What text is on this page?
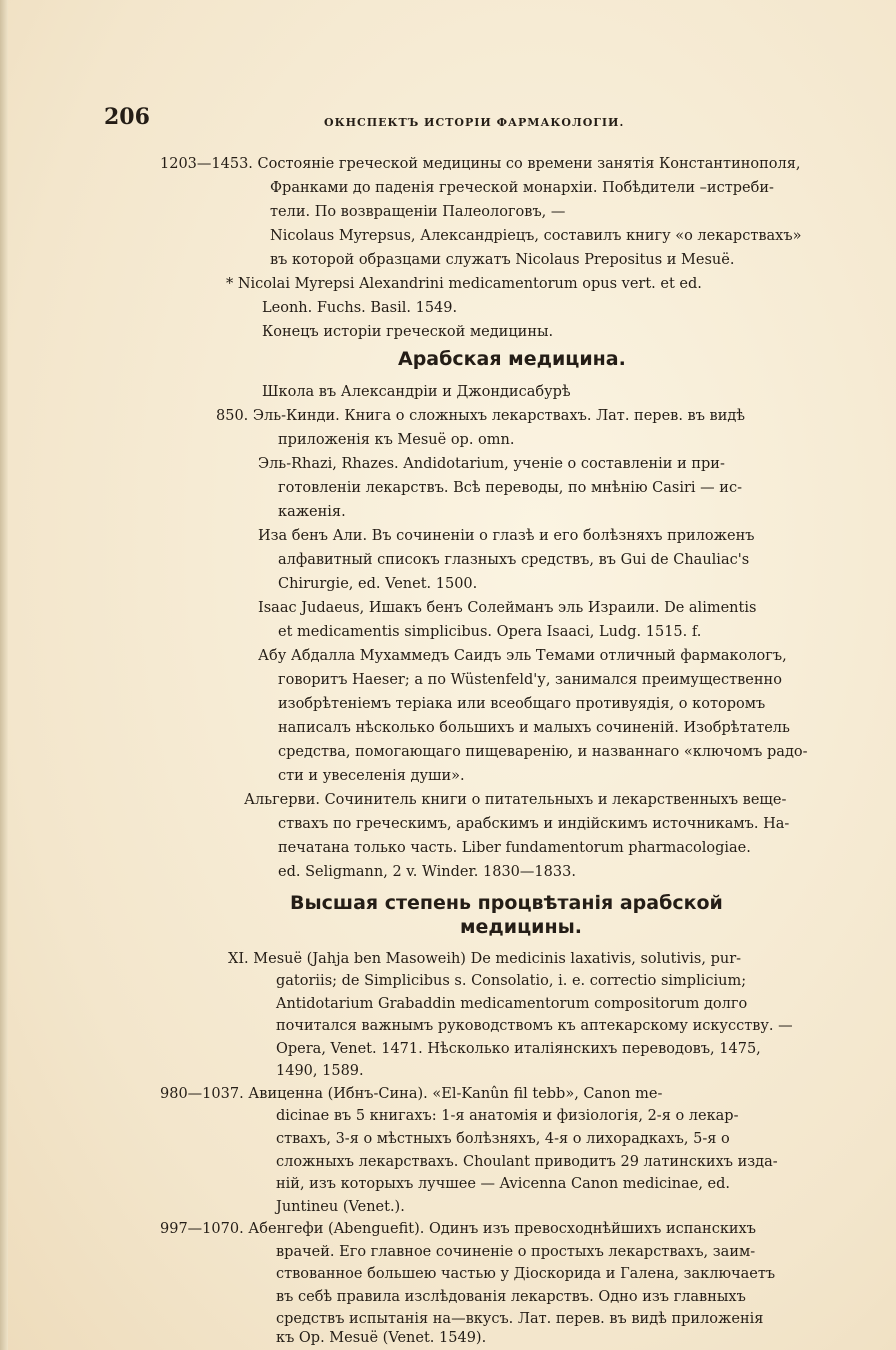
206	ОКНСПЕКТЪ ИСТОРІИ ФАРМАКОЛОГІИ.
1203—1453. Состояніе греческой медицины со времени занятія Константинополя,
Франками до паденія греческой монархіи. Побѣдители –истреби-
тели. По возвращеніи Палеологовъ, —
Nicolaus Myrepsus, Александріецъ, составилъ книгу «о лекарствахъ»
въ которой образцами служатъ Nicolaus Prepositus и Mesuë.
* Nicolai Myrepsi Alexandrini medicamentorum opus vert. et ed.
Leonh. Fuchs. Basil. 1549.
Конецъ исторіи греческой медицины.
Арабская медицина.
Школа въ Александріи и Джондисабурѣ
850. Эль-Кинди. Книга о сложныхъ лекарствахъ. Лат. перев. въ видѣ
приложенія къ Mesuë op. omn.
Эль-Rhazi, Rhazes. Andidotarium, ученіе о составленіи и при-
готовленіи лекарствъ. Всѣ переводы, по мнѣнію Casiri — ис-
каженія.
Иза бенъ Али. Въ сочиненіи о глазѣ и его болѣзняхъ приложенъ
алфавитный списокъ глазныхъ средствъ, въ Gui de Chauliac's
Chirurgie, ed. Venet. 1500.
Isaac Judaeus, Ишакъ бенъ Солейманъ эль Израили. De alimentis
et medicamentis simplicibus. Opera Isaaci, Ludg. 1515. f.
Абу Абдалла Мухаммедъ Саидъ эль Темами отличный фармакологъ,
говоритъ Haeser; а по Wüstenfeld'у, занимался преимущественно
изобрѣтеніемъ теріака или всеобщаго противуядія, о которомъ
написалъ нѣсколько большихъ и малыхъ сочиненій. Изобрѣтатель
средства, помогающаго пищеваренію, и названнаго «ключомъ радо-
сти и увеселенія души».
Альгерви. Сочинитель книги о питательныхъ и лекарственныхъ веще-
ствахъ по греческимъ, арабскимъ и индійскимъ источникамъ. На-
печатана только часть. Liber fundamentorum pharmacologiae.
ed. Seligmann, 2 v. Winder. 1830—1833.
Высшая степень процвѣтанія арабской
медицины.
XI. Mesuë (Jahja ben Masoweih) De medicinis laxativis, solutivis, pur-
gatoriis; de Simplicibus s. Consolatio, i. e. correctio simplicium;
Antidotarium Grabaddin medicamentorum compositorum долго
почитался важнымъ руководствомъ къ аптекарскому искусству. —
Opera, Venet. 1471. Нѣсколько италіянскихъ переводовъ, 1475,
1490, 1589.
980—1037. Авиценна (Ибнъ-Сина). «El-Kanûn fil tebb», Canon me-
dicinae въ 5 книгахъ: 1-я анатомія и физіологія, 2-я о лекар-
ствахъ, 3-я о мѣстныхъ болѣзняхъ, 4-я о лихорадкахъ, 5-я о
сложныхъ лекарствахъ. Choulant приводитъ 29 латинскихъ изда-
ній, изъ которыхъ лучшее — Avicenna Canon medicinae, ed.
Juntineu (Venet.).
997—1070. Абенгефи (Abenguefit). Одинъ изъ превосходнѣйшихъ испанскихъ
врачей. Его главное сочиненіе о простыхъ лекарствахъ, заим-
ствованное большею частью у Діоскорида и Галена, заключаетъ
въ себѣ правила изслѣдованія лекарствъ. Одно изъ главныхъ
средствъ испытанія на—вкусъ. Лат. перев. въ видѣ приложенія
къ Ор. Mesuë (Venet. 1549).
